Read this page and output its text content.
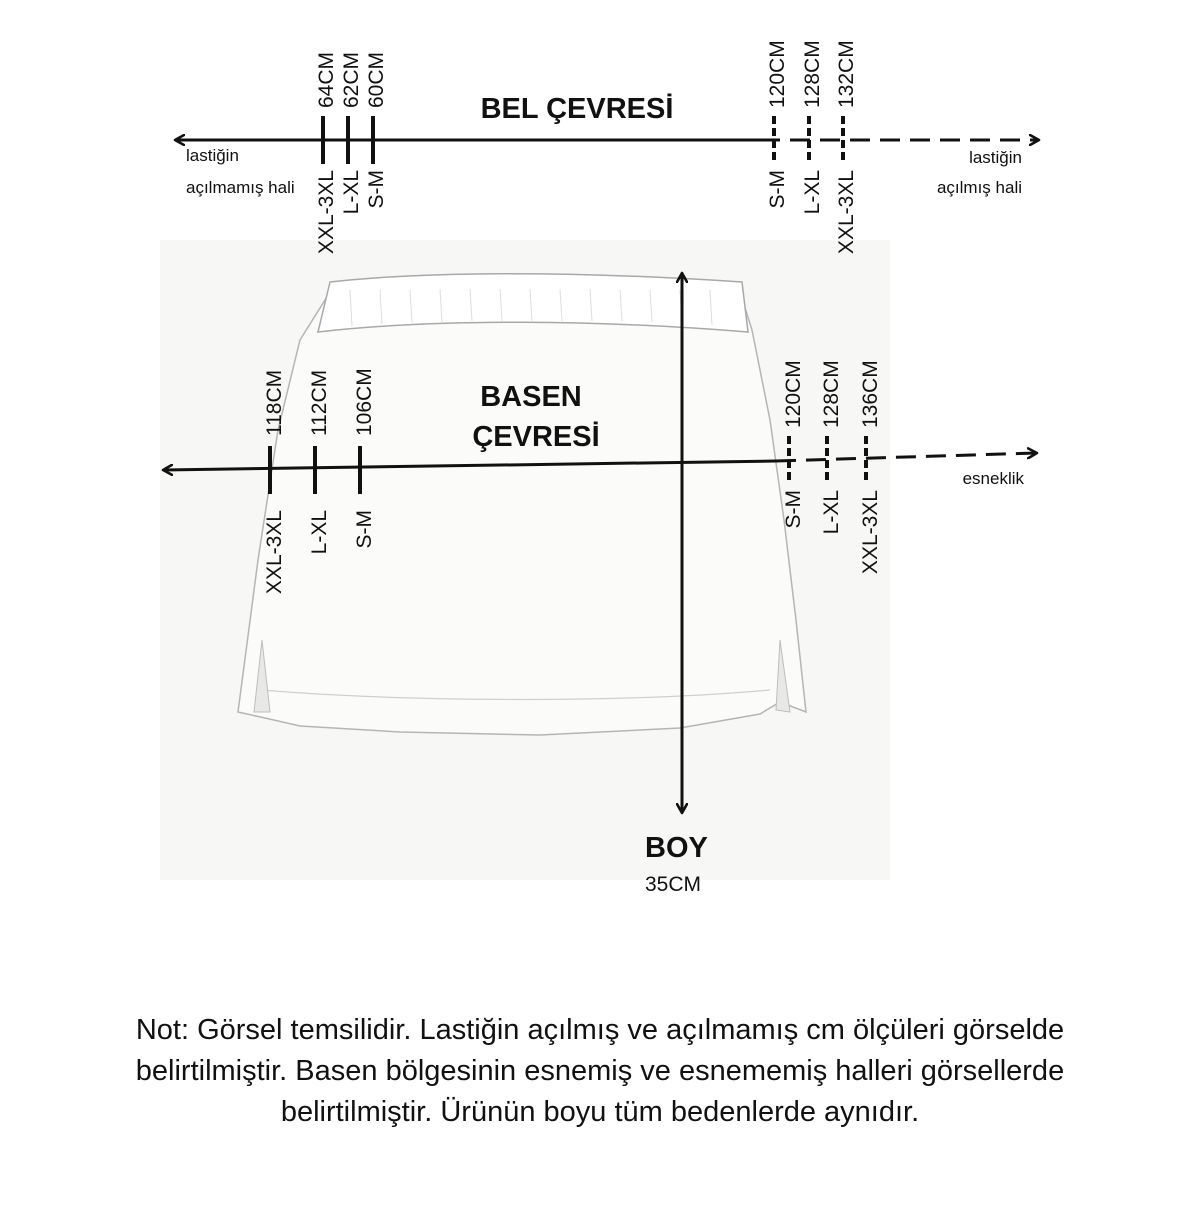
BEL ÇEVRESİ
lastiğin
açılmamış hali
lastiğin
açılmış hali
64CM
XXL-3XL
62CM
L-XL
60CM
S-M
120CM
S-M
128CM
L-XL
132CM
XXL-3XL
BASEN
ÇEVRESİ
esneklik
118CM
XXL-3XL
112CM
L-XL
106CM
S-M
120CM
S-M
128CM
L-XL
136CM
XXL-3XL
BOY
35CM
Not: Görsel temsilidir. Lastiğin açılmış ve açılmamış cm ölçüleri görselde belirtilmiştir. Basen bölgesinin esnemiş ve esnememiş halleri görsellerde belirtilmiştir. Ürünün boyu tüm bedenlerde aynıdır.
